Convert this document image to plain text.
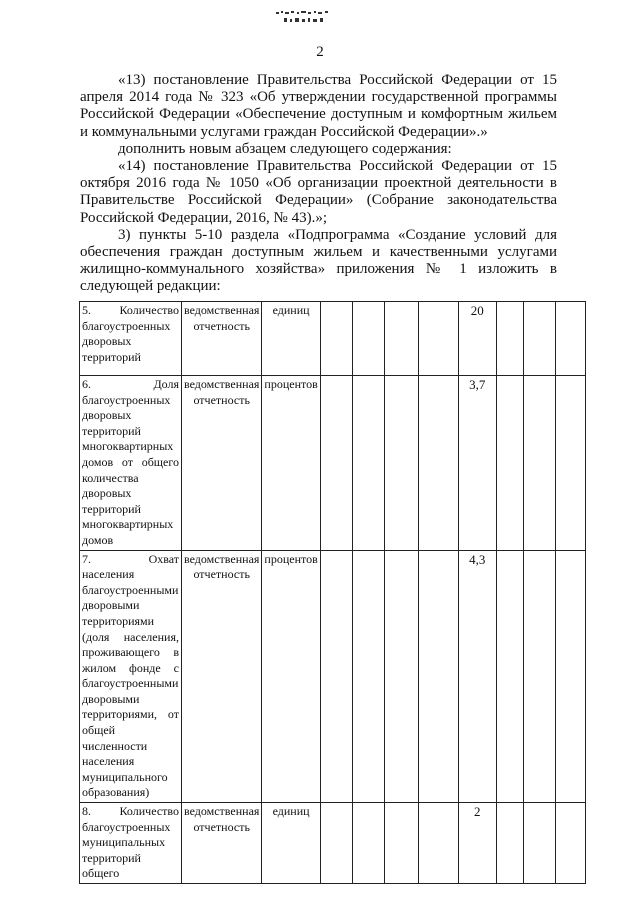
2

«13) постановление Правительства Российской Федерации от 15 апреля 2014 года № 323 «Об утверждении государственной программы Российской Федерации «Обеспечение доступным и комфортным жильем и коммунальными услугами граждан Российской Федерации».»

дополнить новым абзацем следующего содержания:

«14) постановление Правительства Российской Федерации от 15 октября 2016 года № 1050 «Об организации проектной деятельности в Правительстве Российской Федерации» (Собрание законодательства Российской Федерации, 2016, № 43).»;

3) пункты 5-10 раздела «Подпрограмма «Создание условий для обеспечения граждан доступным жильем и качественными услугами жилищно-коммунального хозяйства» приложения № 1 изложить в следующей редакции:

5. Количество благоустроенных дворовых территорий	ведомственная отчетность	единиц					20			
6. Доля благоустроенных дворовых территорий многоквартирных домов от общего количества дворовых территорий многоквартирных домов	ведомственная отчетность	процентов					3,7			
7. Охват населения благоустроенными дворовыми территориями (доля населения, проживающего в жилом фонде с благоустроенными дворовыми территориями, от общей численности населения муниципального образования)	ведомственная отчетность	процентов					4,3			
8. Количество благоустроенных муниципальных территорий общего	ведомственная отчетность	единиц					2			
